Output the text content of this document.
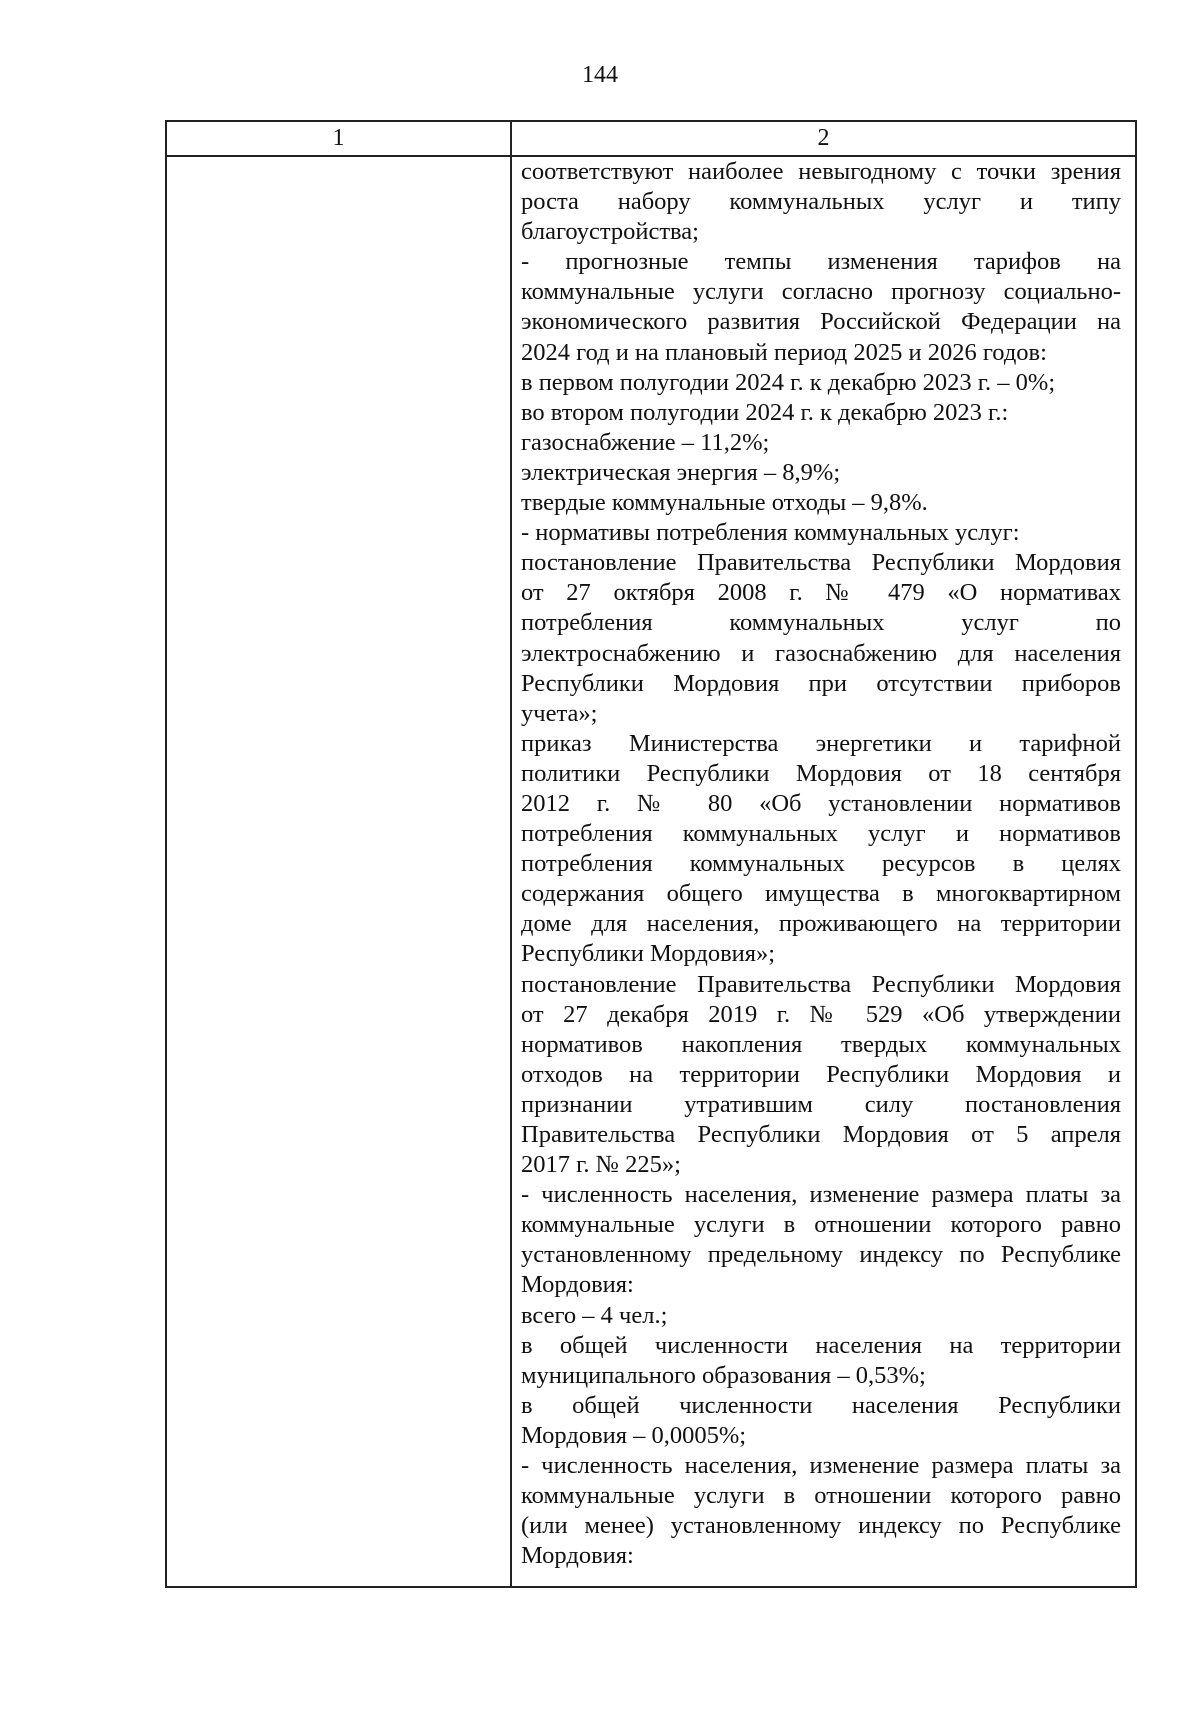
144
1	2
соответствуют наиболее невыгодному с точки зрения
роста набору коммунальных услуг и типу
благоустройства;
- прогнозные темпы изменения тарифов на
коммунальные услуги согласно прогнозу социально-
экономического развития Российской Федерации на
2024 год и на плановый период 2025 и 2026 годов:
в первом полугодии 2024 г. к декабрю 2023 г. – 0%;
во втором полугодии 2024 г. к декабрю 2023 г.:
газоснабжение – 11,2%;
электрическая энергия – 8,9%;
твердые коммунальные отходы – 9,8%.
- нормативы потребления коммунальных услуг:
постановление Правительства Республики Мордовия
от 27 октября 2008 г. № 479 «О нормативах
потребления коммунальных услуг по
электроснабжению и газоснабжению для населения
Республики Мордовия при отсутствии приборов
учета»;
приказ Министерства энергетики и тарифной
политики Республики Мордовия от 18 сентября
2012 г. № 80 «Об установлении нормативов
потребления коммунальных услуг и нормативов
потребления коммунальных ресурсов в целях
содержания общего имущества в многоквартирном
доме для населения, проживающего на территории
Республики Мордовия»;
постановление Правительства Республики Мордовия
от 27 декабря 2019 г. № 529 «Об утверждении
нормативов накопления твердых коммунальных
отходов на территории Республики Мордовия и
признании утратившим силу постановления
Правительства Республики Мордовия от 5 апреля
2017 г. № 225»;
- численность населения, изменение размера платы за
коммунальные услуги в отношении которого равно
установленному предельному индексу по Республике
Мордовия:
всего – 4 чел.;
в общей численности населения на территории
муниципального образования – 0,53%;
в общей численности населения Республики
Мордовия – 0,0005%;
- численность населения, изменение размера платы за
коммунальные услуги в отношении которого равно
(или менее) установленному индексу по Республике
Мордовия:
